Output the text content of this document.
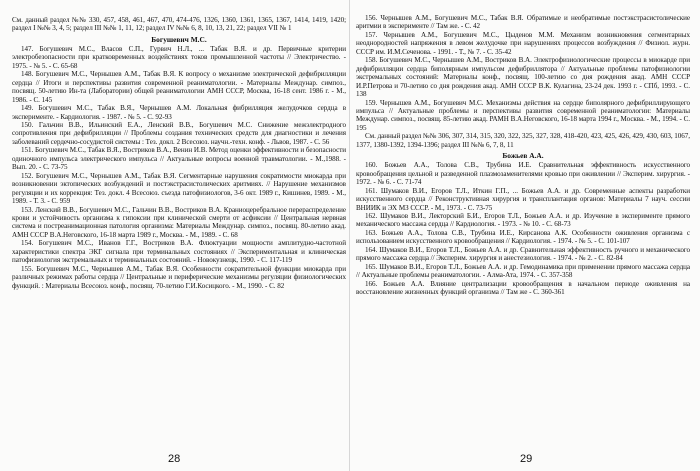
См. данный раздел №№ 330, 457, 458, 461, 467, 470, 474-476, 1326, 1360, 1361, 1365, 1367, 1414, 1419, 1420; раздел I №№ 3, 4, 5; раздел III №№ 1, 11, 12; раздел IV №№ 6, 8, 10, 13, 21, 22; раздел VII № 1

Богушевич М.С.

147. Богушевич М.С., Власов С.П., Гурвич Н.Л., ... Табак В.Я. и др. Первичные критерии электробезопасности при кратковременных воздействиях токов промышленной частоты // Электричество. - 1975. - № 5. - С. 65-68

148. Богушевич М.С., Чернышев А.М., Табак В.Я. К вопросу о механизме электрической дефибрилляции сердца // Итоги и перспективы развития современной реаниматологии. - Материалы Междунар. симпоз., посвящ. 50-летию Ин-та (Лаборатории) общей реаниматологии АМН СССР, Москва, 16-18 сент. 1986 г. - М., 1986. - С. 145

149. Богушевич М.С., Табак В.Я., Чернышев А.М. Локальная фибрилляция желудочков сердца в эксперименте. - Кардиология. - 1987. - № 5. - С. 92-93

150. Гальчин В.В., Ильинский Е.А., Ленский В.В., Богушевич М.С. Снижение межэлектродного сопротивления при дефибрилляции // Проблемы создания технических средств для диагностики и лечения заболеваний сердечно-сосудистой системы : Тез. докл. 2 Всесоюз. научн.-техн. конф. - Львов, 1987. - С. 56

151. Богушевич М.С., Табак В.Я., Востриков В.А., Венин И.В. Метод оценки эффективности и безопасности одиночного импульса электрического импульса // Актуальные вопросы военной травматологии. - М.,1988. - Вып. 20. - С. 73-75

152. Богушевич М.С., Чернышев А.М., Табак В.Я. Сегментарные нарушения сократимости миокарда при возникновении эктопических возбуждений и постэкстрасистолических аритмиях. // Нарушение механизмов регуляции и их коррекция: Тез. докл. 4 Всесоюз. съезда патофизиологов, 3-6 окт. 1989 г., Кишинев, 1989. - М., 1989. - Т. 3. - С. 959

153. Ленский В.В., Богушевич М.С., Гальчин В.В., Востриков В.А. Краниоцеребральное перераспределение крови и устойчивость организма к гипоксии при клинической смерти от асфиксии // Центральная нервная система и постреанимационная патология организма: Материалы Междунар. симпоз., посвящ. 80-летию акад. АМН СССР В.А.Неговского, 16-18 марта 1989 г., Москва. - М., 1989. - С. 68

154. Богушевич М.С., Иванов Г.Г., Востриков В.А. Флюктуации мощности амплитудно-частотной характеристики спектра ЭКГ сигнала при терминальных состояниях // Экспериментальная и клиническая патофизиология экстремальных и терминальных состояний. - Новокузнецк, 1990. - С. 117-119

155. Богушевич М.С., Чернышев А.М., Табак В.Я. Особенности сократительной функции миокарда при различных режимах работы сердца // Центральные и периферические механизмы регуляции физиологических функций. : Материалы Всесоюз. конф., посвящ. 70-летию Г.И.Косицкого. - М., 1990. - С. 82

28

156. Чернышев А.М., Богушевич М.С., Табак В.Я. Обратимые и необратимые постэкстрасистолические аритмии в эксперименте // Там же. - С. 42

157. Чернышев А.М., Богушевич М.С., Цыденов М.М. Механизм возникновения сегментарных неоднородностей напряжения в левом желудочке при нарушениях процессов возбуждения // Физиол. журн. СССР им. И.М.Сеченова. - 1991. - Т., № 7. - С. 35-42

158. Богушевич М.С., Чернышев А.М., Востриков В.А. Электрофизиологические процессы в миокарде при дефибрилляции сердца биполярным импульсом дефибриллятора // Актуальные проблемы патофизиологии экстремальных состояний: Материалы конф., посвящ. 100-летию со дня рождения акад. АМН СССР И.Р.Петрова и 70-летию со дня рождения акад. АМН СССР В.К. Кулагина, 23-24 дек. 1993 г. - СПб, 1993. - С. 138

159. Чернышев А.М., Богушевич М.С. Механизмы действия на сердце биполярного дефибриллирующего импульса // Актуальные проблемы и перспективы развития современной реаниматологии: Материалы Междунар. симпоз., посвящ. 85-летию акад. РАМН В.А.Неговского, 16-18 марта 1994 г., Москва. - М., 1994. - С. 195

См. данный раздел №№ 306, 307, 314, 315, 320, 322, 325, 327, 328, 418-420, 423, 425, 426, 429, 430, 603, 1067, 1377, 1380-1392, 1394-1396; раздел III №№ 6, 7, 8, 11

Божьев А.А.

160. Божьев А.А., Толова С.В., Трубина И.Е. Сравнительная эффективность искусственного кровообращения цельной и разведенной плазмозаменителями кровью при оживлении // Эксперим. хирургия. - 1972. - № 6. - С. 71-74

161. Шумаков В.И., Егоров Т.Л., Иткин Г.П., ... Божьев А.А. и др. Современные аспекты разработки искусственного сердца // Реконструктивная хирургия и трансплантация органов: Материалы 7 науч. сессии ВНИИК и ЭХ МЗ СССР. - М., 1973. - С. 73-75

162. Шумаков В.И., Лекторский Б.И., Егоров Т.Л., Божьев А.А. и др. Изучение в эксперименте прямого механического массажа сердца // Кардиология. - 1973. - № 10. - С. 68-73

163. Божьев А.А., Толова С.В., Трубина И.Е., Кирсанова А.К. Особенности оживления организма с использованием искусственного кровообращения // Кардиология. - 1974. - № 5. - С. 101-107

164. Шумаков В.И., Егоров Т.Л., Божьев А.А. и др. Сравнительная эффективность ручного и механического прямого массажа сердца // Эксперим. хирургия и анестезиология. - 1974. - № 2. - С. 82-84

165. Шумаков В.И., Егоров Т.Л., Божьев А.А. и др. Гемодинамика при применении прямого массажа сердца // Актуальные проблемы реаниматологии. - Алма-Ата, 1974. - С. 357-358

166. Божьев А.А. Влияние централизации кровообращения в начальном периоде оживления на восстановление жизненных функций организма // Там же - С. 360-361

29
